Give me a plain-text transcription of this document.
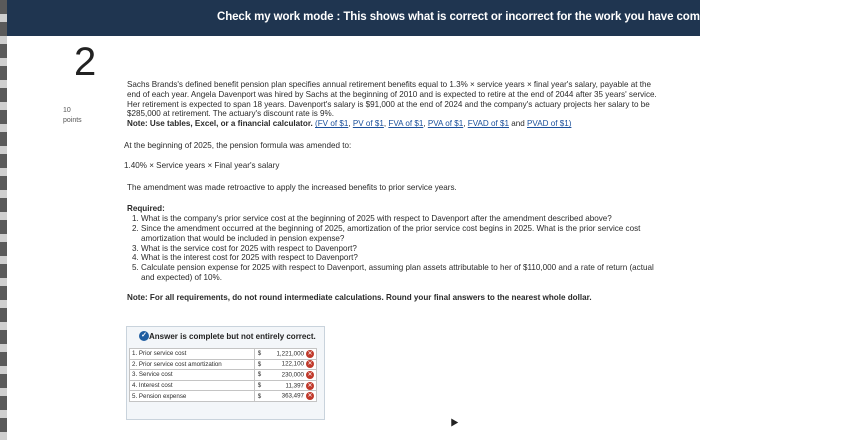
Check my work mode : This shows what is correct or incorrect for the work you have completed so far. It does not indica
2
10
points

Sachs Brands's defined benefit pension plan specifies annual retirement benefits equal to 1.3% × service years × final year's salary, payable at the end of each year. Angela Davenport was hired by Sachs at the beginning of 2010 and is expected to retire at the end of 2044 after 35 years' service. Her retirement is expected to span 18 years. Davenport's salary is $91,000 at the end of 2024 and the company's actuary projects her salary to be $285,000 at retirement. The actuary's discount rate is 9%.
Note: Use tables, Excel, or a financial calculator. (FV of $1, PV of $1, FVA of $1, PVA of $1, FVAD of $1 and PVAD of $1)

At the beginning of 2025, the pension formula was amended to:

1.40% × Service years × Final year's salary

The amendment was made retroactive to apply the increased benefits to prior service years.

Required:

1. What is the company's prior service cost at the beginning of 2025 with respect to Davenport after the amendment described above?
2. Since the amendment occurred at the beginning of 2025, amortization of the prior service cost begins in 2025. What is the prior service cost amortization that would be included in pension expense?
3. What is the service cost for 2025 with respect to Davenport?
4. What is the interest cost for 2025 with respect to Davenport?
5. Calculate pension expense for 2025 with respect to Davenport, assuming plan assets attributable to her of $110,000 and a rate of return (actual and expected) of 10%.

Note: For all requirements, do not round intermediate calculations. Round your final answers to the nearest whole dollar.

✓ Answer is complete but not entirely correct.
1. Prior service cost	$	1,221,000 ✕
2. Prior service cost amortization	$	122,100 ✕
3. Service cost	$	230,000 ✕
4. Interest cost	$	11,397 ✕
5. Pension expense	$	363,497 ✕
